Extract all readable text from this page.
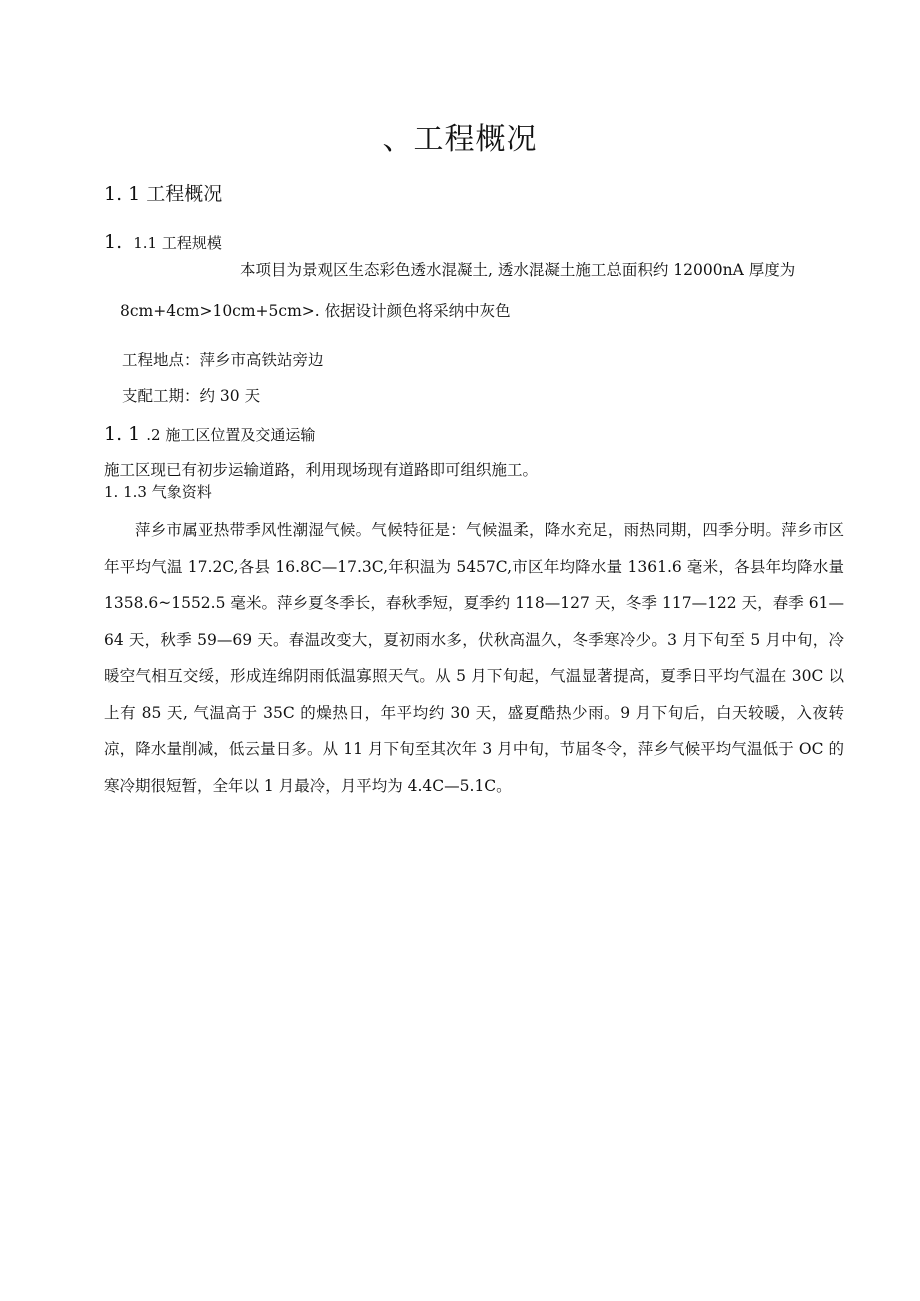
、工程概况
1. 1 工程概况
1. 1.1 工程规模
本项目为景观区生态彩色透水混凝土, 透水混凝土施工总面积约 12000nA 厚度为
8cm+4cm>10cm+5cm>. 依据设计颜色将采纳中灰色
工程地点：萍乡市高铁站旁边
支配工期：约 30 天
1. 1 .2 施工区位置及交通运输
施工区现已有初步运输道路，利用现场现有道路即可组织施工。
1. 1.3 气象资料

萍乡市属亚热带季风性潮湿气候。气候特征是：气候温柔，降水充足，雨热同期，四季分明。萍乡市区年平均气温 17.2C,各县 16.8C—17.3C,年积温为 5457C,市区年均降水量 1361.6 毫米，各县年均降水量 1358.6~1552.5 毫米。萍乡夏冬季长，春秋季短，夏季约 118—127 天，冬季 117—122 天，春季 61—64 天，秋季 59—69 天。春温改变大，夏初雨水多，伏秋高温久，冬季寒冷少。3 月下旬至 5 月中旬，冷暖空气相互交绥，形成连绵阴雨低温寡照天气。从 5 月下旬起，气温显著提高，夏季日平均气温在 30C 以上有 85 天, 气温高于 35C 的燥热日，年平均约 30 天，盛夏酷热少雨。9 月下旬后，白天较暖，入夜转凉，降水量削减，低云量日多。从 11 月下旬至其次年 3 月中旬，节届冬令，萍乡气候平均气温低于 OC 的寒冷期很短暂，全年以 1 月最冷，月平均为 4.4C—5.1C。
